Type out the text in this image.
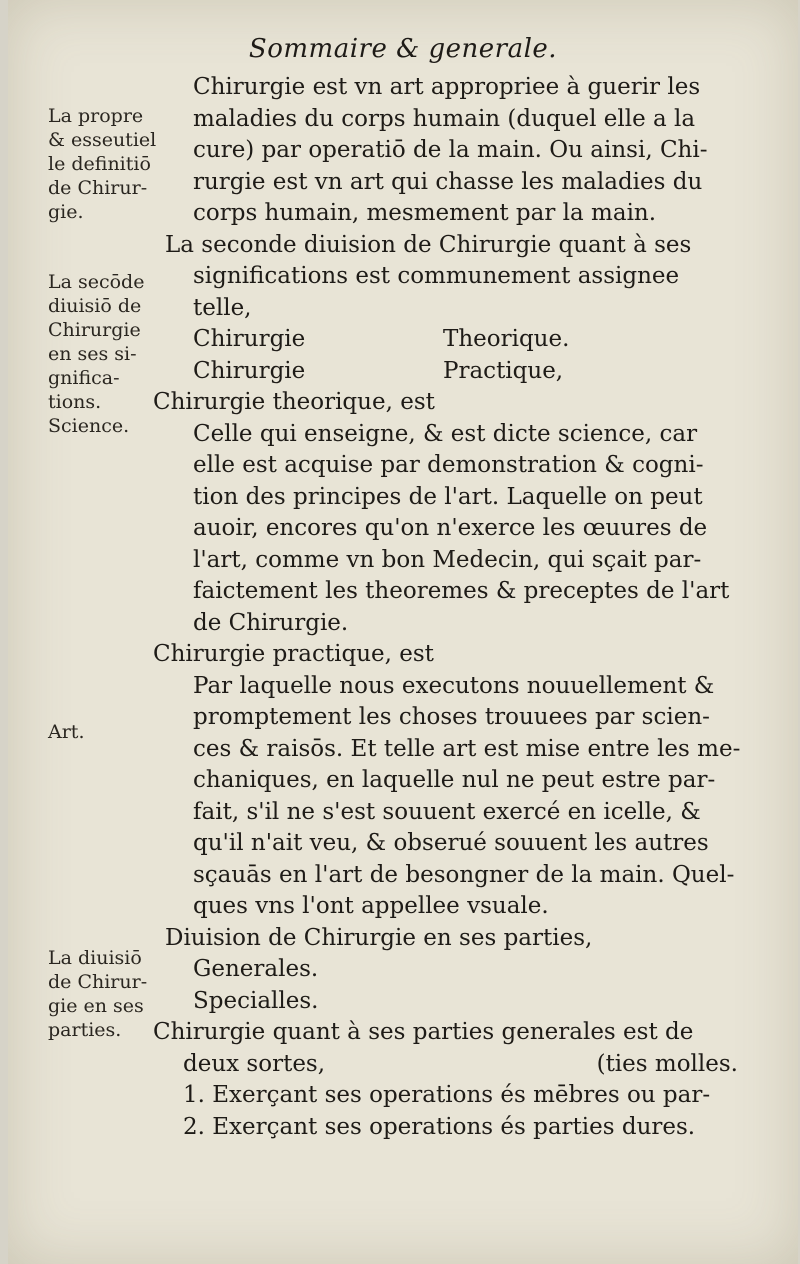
Sommaire & generale.
La propre
& esseutiel
le definitiō
de Chirur-
gie.
La secōde
diuisiō de
Chirurgie
en ses si-
gnifica-
tions.
Science.
Art.
La diuisiō
de Chirur-
gie en ses
parties.
Chirurgie est vn art appropriee à guerir les
maladies du corps humain (duquel elle a la
cure) par operatiō de la main. Ou ainsi, Chi-
rurgie est vn art qui chasse les maladies du
corps humain, mesmement par la main.
La seconde diuision de Chirurgie quant à ses
significations est communement assignee
telle,
Chirurgie	Theorique.
Chirurgie	Practique,
Chirurgie theorique, est
Celle qui enseigne, & est dicte science, car
elle est acquise par demonstration & cogni-
tion des principes de l'art. Laquelle on peut
auoir, encores qu'on n'exerce les œuures de
l'art, comme vn bon Medecin, qui sçait par-
faictement les theoremes & preceptes de l'art
de Chirurgie.
Chirurgie practique, est
Par laquelle nous executons nouuellement &
promptement les choses trouuees par scien-
ces & raisōs. Et telle art est mise entre les me-
chaniques, en laquelle nul ne peut estre par-
fait, s'il ne s'est souuent exercé en icelle, &
qu'il n'ait veu, & obserué souuent les autres
sçauās en l'art de besongner de la main. Quel-
ques vns l'ont appellee vsuale.
Diuision de Chirurgie en ses parties,
Generales.
Specialles.
Chirurgie quant à ses parties generales est de
deux sortes,	(ties molles.
1. Exerçant ses operations és mēbres ou par-
2. Exerçant ses operations és parties dures.
